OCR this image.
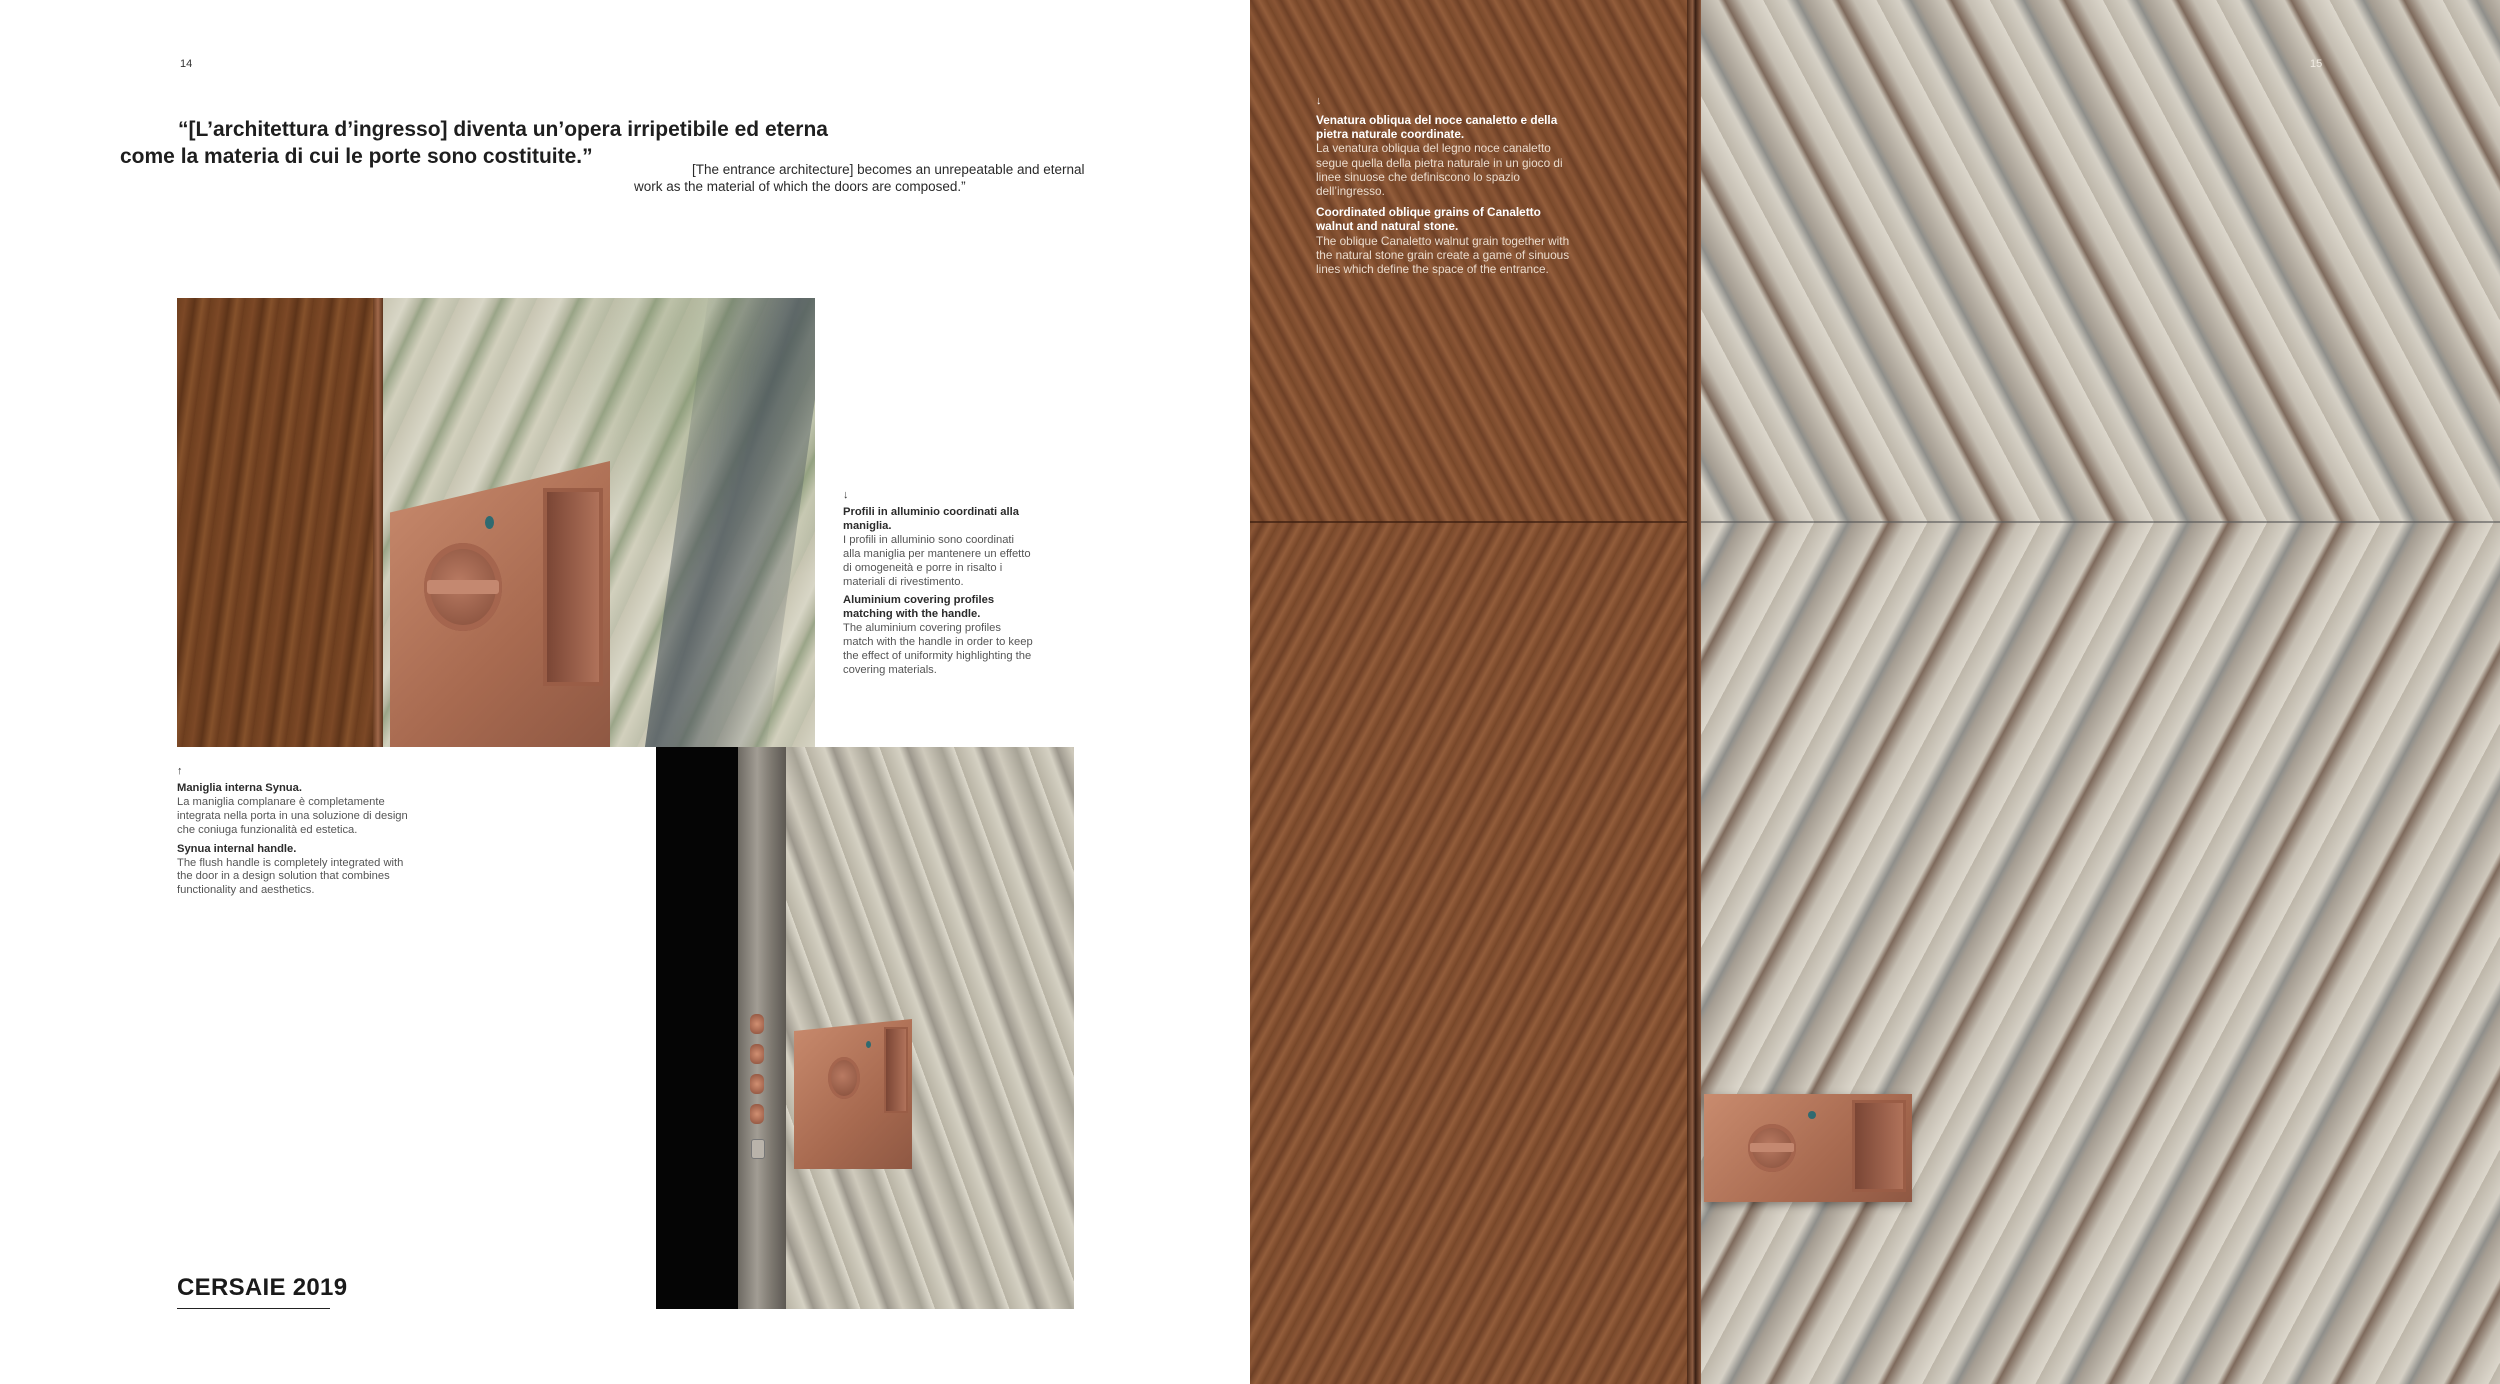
14
“[L’architettura d’ingresso] diventa un’opera irripetibile ed eterna
come la materia di cui le porte sono costituite.”
[The entrance architecture] becomes an unrepeatable and eternal
work as the material of which the doors are composed.”
↓
Profili in alluminio coordinati alla maniglia.
I profili in alluminio sono coordinati alla maniglia per mantenere un effetto di omogeneità e porre in risalto i materiali di rivestimento.
Aluminium covering profiles matching with the handle.
The aluminium covering profiles match with the handle in order to keep the effect of uniformity highlighting the covering materials.
↑
Maniglia interna Synua.
La maniglia complanare è completamente integrata nella porta in una soluzione di design che coniuga funzionalità ed estetica.
Synua internal handle.
The flush handle is completely integrated with the door in a design solution that combines functionality and aesthetics.
CERSAIE 2019
15
↓
Venatura obliqua del noce canaletto e della pietra naturale coordinate.
La venatura obliqua del legno noce canaletto segue quella della pietra naturale in un gioco di linee sinuose che definiscono lo spazio dell’ingresso.
Coordinated oblique grains of Canaletto walnut and natural stone.
The oblique Canaletto walnut grain together with the natural stone grain create a game of sinuous lines which define the space of the entrance.
